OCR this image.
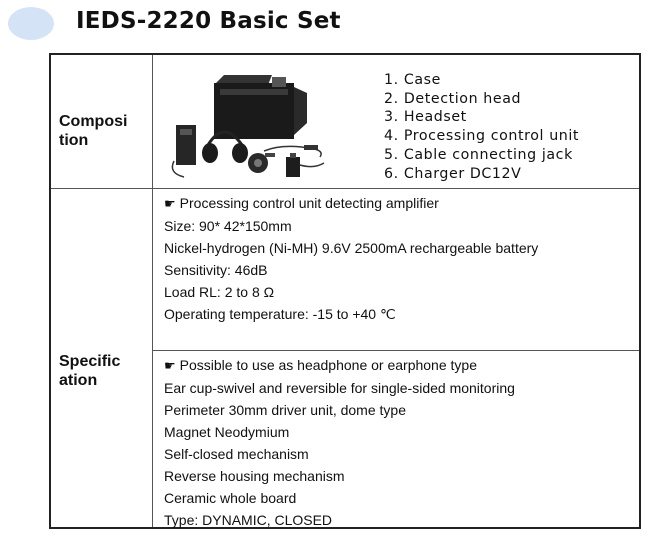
IEDS-2220 Basic Set
Composi
tion
1. Case
2. Detection head
3. Headset
4. Processing control unit
5. Cable connecting jack
6. Charger DC12V
Specific
ation
☛ Processing control unit detecting amplifier
Size: 90* 42*150mm
Nickel-hydrogen (Ni-MH) 9.6V 2500mA rechargeable battery
Sensitivity: 46dB
Load RL: 2 to 8 Ω
Operating temperature: -15 to +40 ℃
☛ Possible to use as headphone or earphone type
Ear cup-swivel and reversible for single-sided monitoring
Perimeter 30mm driver unit, dome type
Magnet Neodymium
Self-closed mechanism
Reverse housing mechanism
Ceramic whole board
Type: DYNAMIC, CLOSED
